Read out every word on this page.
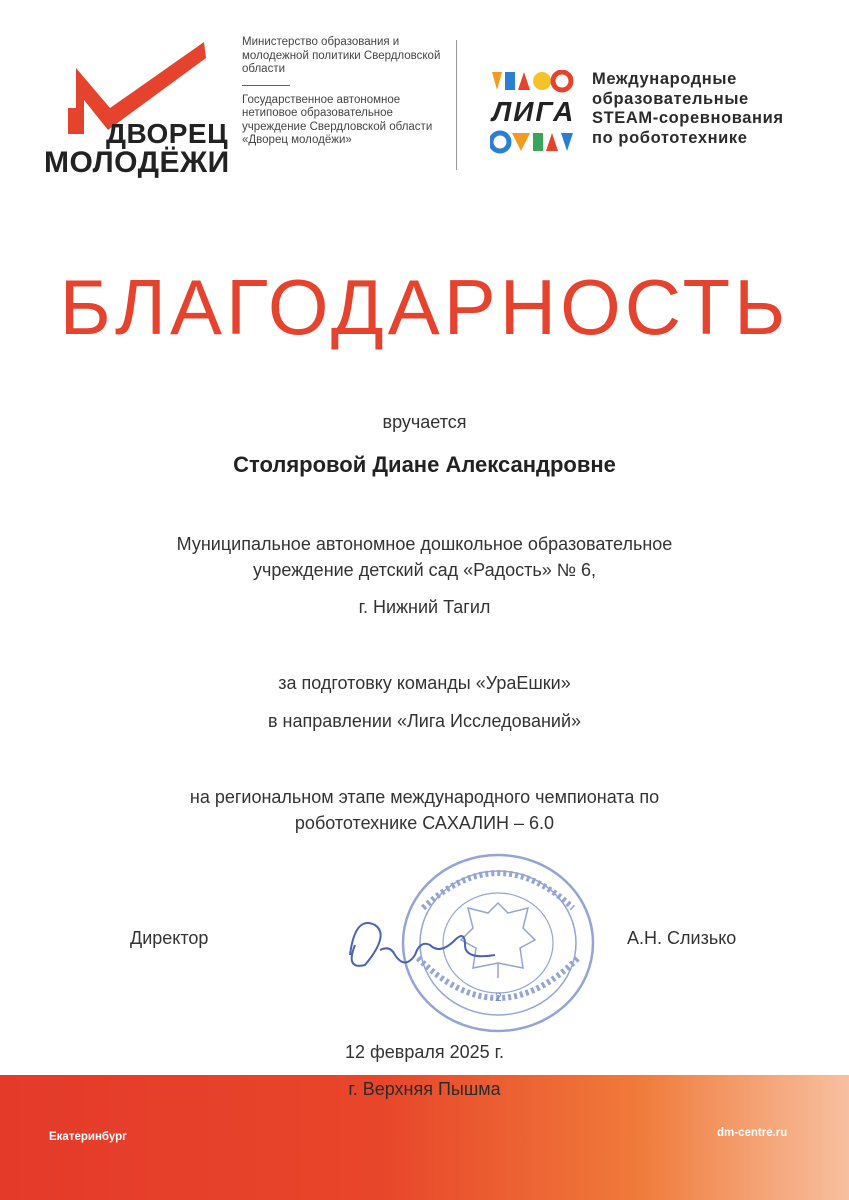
ДВОРЕЦ
МОЛОДЁЖИ
Министерство образования и молодежной политики Свердловской области
Государственное автономное нетиповое образовательное учреждение Свердловской области «Дворец молодёжи»
ЛИГА
Международные
образовательные
STEAM-соревнования
по робототехнике
БЛАГОДАРНОСТЬ
вручается
Столяровой Диане Александровне
Муниципальное автономное дошкольное образовательное
учреждение детский сад «Радость» № 6,
г. Нижний Тагил
за подготовку команды «УраЕшки»
в направлении «Лига Исследований»
на региональном этапе международного чемпионата по
робототехнике САХАЛИН – 6.0
2
Директор	А.Н. Слизько
12 февраля 2025 г.
г. Верхняя Пышма
Екатеринбург	dm-centre.ru
